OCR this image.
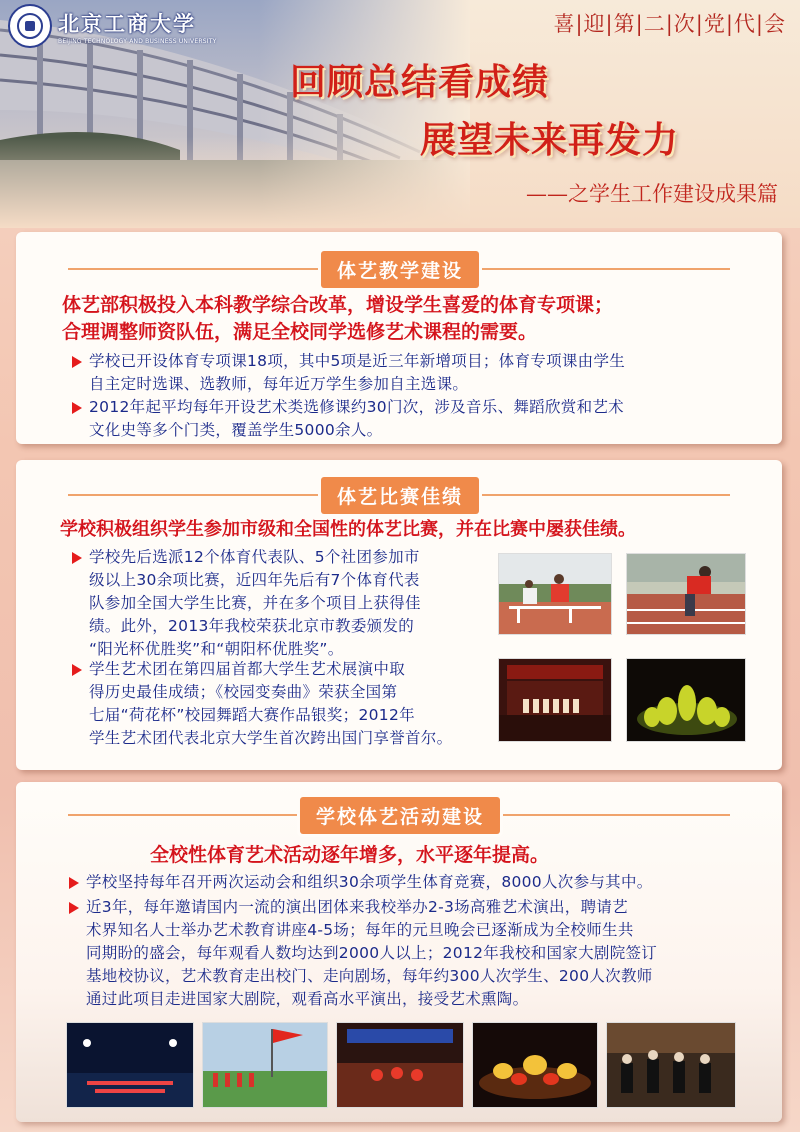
北京工商大学
BEIJING TECHNOLOGY AND BUSINESS UNIVERSITY
喜|迎|第|二|次|党|代|会
回顾总结看成绩
展望未来再发力
——之学生工作建设成果篇
体艺教学建设
体艺部积极投入本科教学综合改革，增设学生喜爱的体育专项课；
合理调整师资队伍，满足全校同学选修艺术课程的需要。
学校已开设体育专项课18项，其中5项是近三年新增项目；体育专项课由学生
自主定时选课、选教师，每年近万学生参加自主选课。
2012年起平均每年开设艺术类选修课约30门次，涉及音乐、舞蹈欣赏和艺术
文化史等多个门类，覆盖学生5000余人。
体艺比赛佳绩
学校积极组织学生参加市级和全国性的体艺比赛，并在比赛中屡获佳绩。
学校先后选派12个体育代表队、5个社团参加市
级以上30余项比赛，近四年先后有7个体育代表
队参加全国大学生比赛，并在多个项目上获得佳
绩。此外，2013年我校荣获北京市教委颁发的
“阳光杯优胜奖”和“朝阳杯优胜奖”。
学生艺术团在第四届首都大学生艺术展演中取
得历史最佳成绩；《校园变奏曲》荣获全国第
七届“荷花杯”校园舞蹈大赛作品银奖；2012年
学生艺术团代表北京大学生首次跨出国门享誉首尔。
学校体艺活动建设
全校性体育艺术活动逐年增多，水平逐年提高。
学校坚持每年召开两次运动会和组织30余项学生体育竞赛，8000人次参与其中。
近3年，每年邀请国内一流的演出团体来我校举办2-3场高雅艺术演出，聘请艺
术界知名人士举办艺术教育讲座4-5场；每年的元旦晚会已逐渐成为全校师生共
同期盼的盛会，每年观看人数均达到2000人以上；2012年我校和国家大剧院签订
基地校协议，艺术教育走出校门、走向剧场，每年约300人次学生、200人次教师
通过此项目走进国家大剧院，观看高水平演出，接受艺术熏陶。
